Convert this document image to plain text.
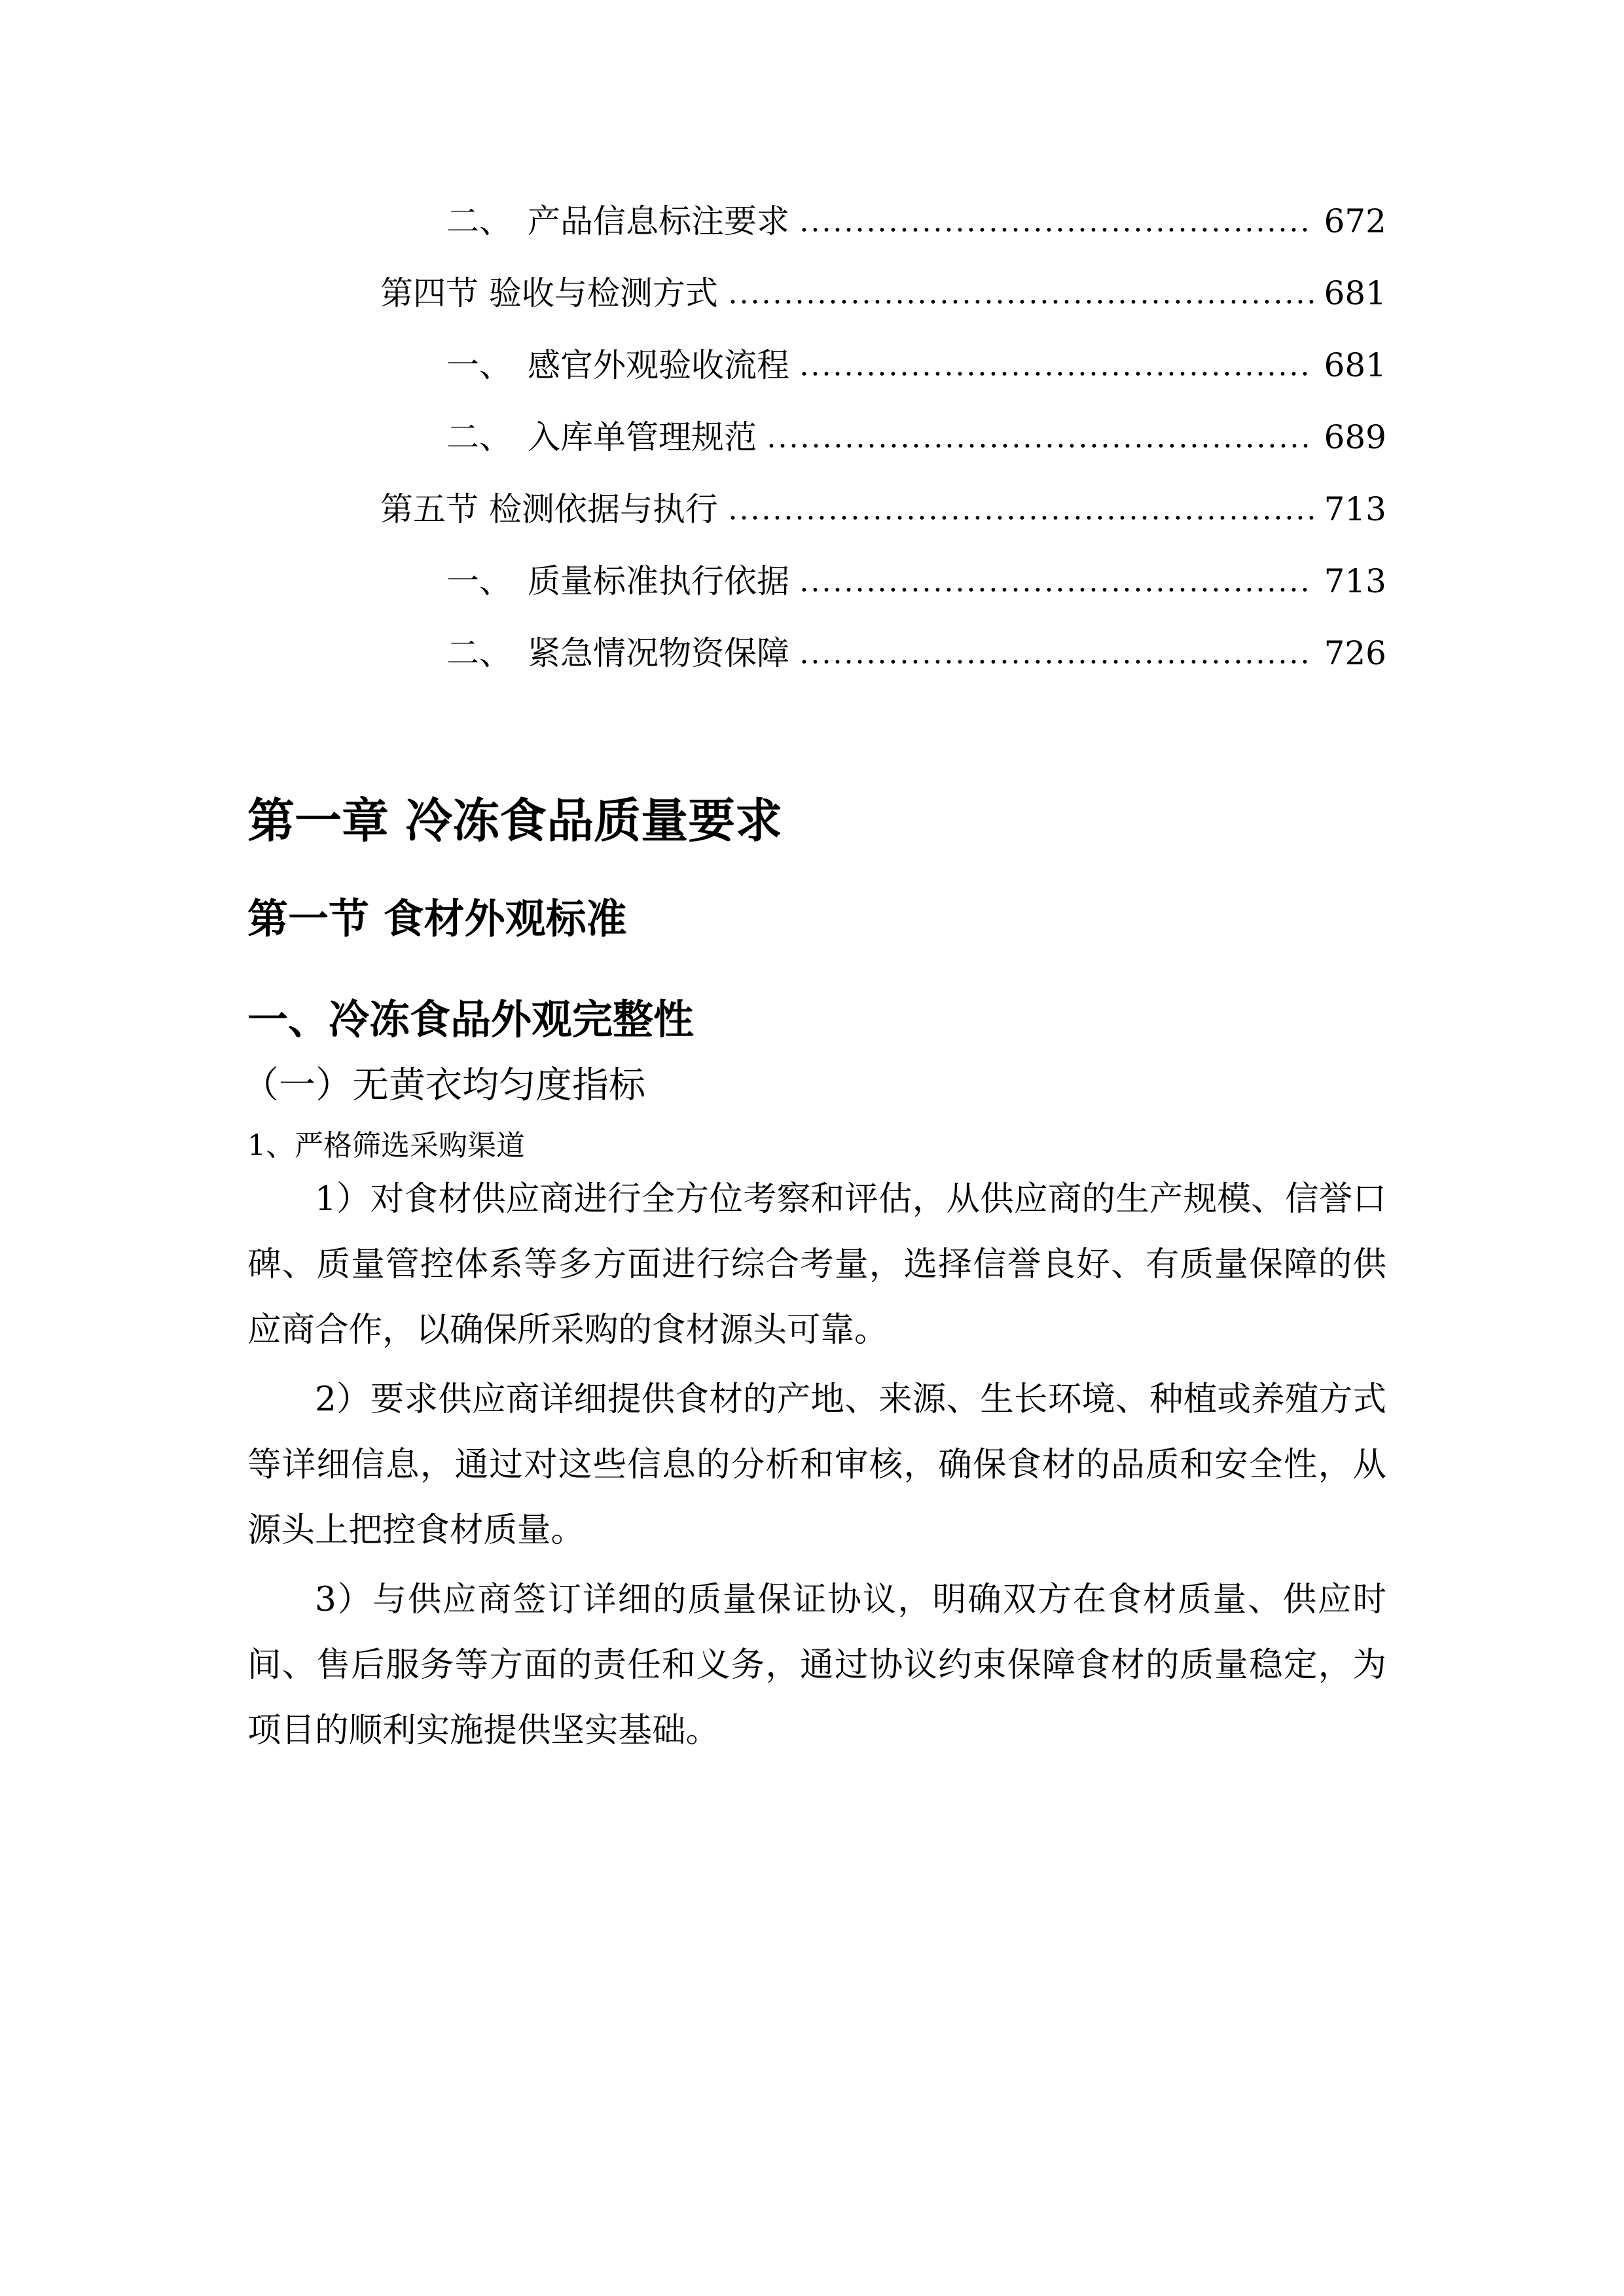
二、 产品信息标注要求	672
第四节 验收与检测方式	681
一、 感官外观验收流程	681
二、 入库单管理规范	689
第五节 检测依据与执行	713
一、 质量标准执行依据	713
二、 紧急情况物资保障	726
第一章 冷冻食品质量要求
第一节 食材外观标准
一、冷冻食品外观完整性
（一）无黄衣均匀度指标
1、严格筛选采购渠道

1）对食材供应商进行全方位考察和评估，从供应商的生产规模、信誉口碑、质量管控体系等多方面进行综合考量，选择信誉良好、有质量保障的供应商合作，以确保所采购的食材源头可靠。

2）要求供应商详细提供食材的产地、来源、生长环境、种植或养殖方式等详细信息，通过对这些信息的分析和审核，确保食材的品质和安全性，从源头上把控食材质量。

3）与供应商签订详细的质量保证协议，明确双方在食材质量、供应时间、售后服务等方面的责任和义务，通过协议约束保障食材的质量稳定，为项目的顺利实施提供坚实基础。
